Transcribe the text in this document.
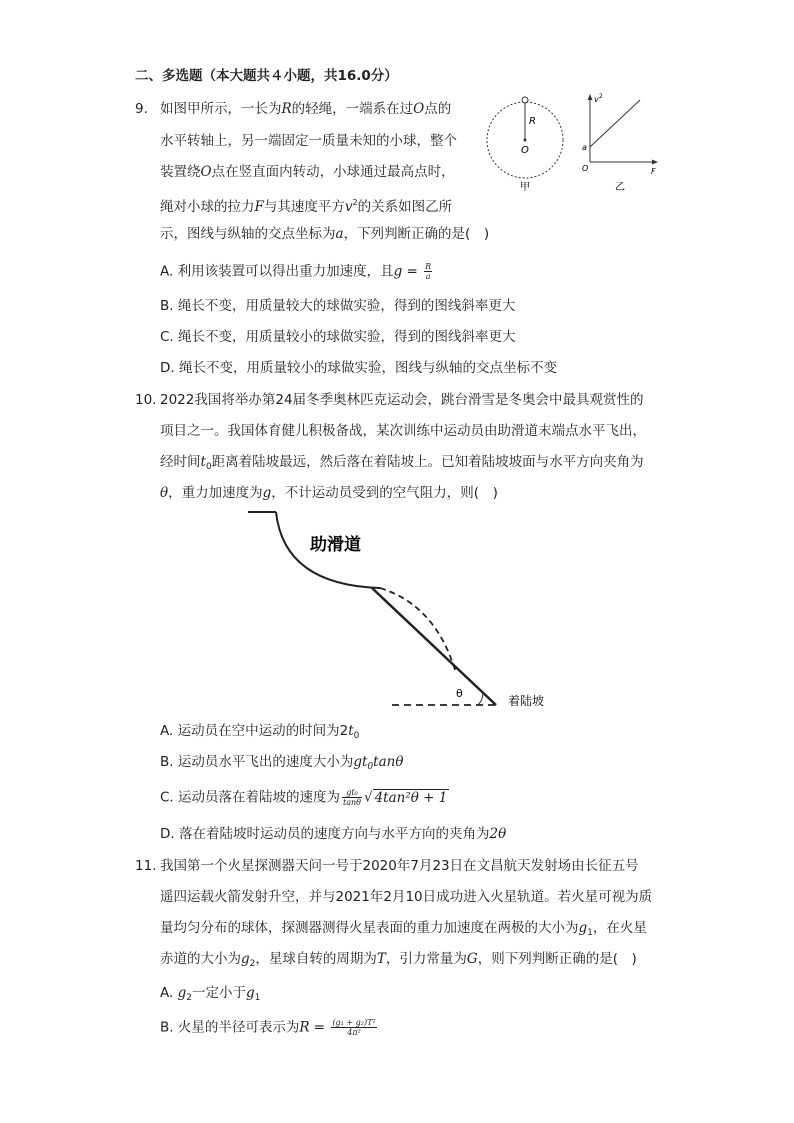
二、多选题（本大题共４小题，共16.0分）
9. 如图甲所示，一长为R的轻绳，一端系在过O点的
水平转轴上，另一端固定一质量未知的小球，整个
装置绕O点在竖直面内转动，小球通过最高点时，
绳对小球的拉力F与其速度平方$v^2$的关系如图乙所
示，图线与纵轴的交点坐标为a，下列判断正确的是(　)
R
O
甲
v 2
a
O	F
乙
A. 利用该装置可以得出重力加速度，且$g = \frac{R}{a}$
B. 绳长不变，用质量较大的球做实验，得到的图线斜率更大
C. 绳长不变，用质量较小的球做实验，得到的图线斜率更大
D. 绳长不变，用质量较小的球做实验，图线与纵轴的交点坐标不变
10. 2022我国将举办第24届冬季奥林匹克运动会，跳台滑雪是冬奥会中最具观赏性的
项目之一。我国体育健儿积极备战，某次训练中运动员由助滑道末端点水平飞出，
经时间$t_0$距离着陆坡最远，然后落在着陆坡上。已知着陆坡坡面与水平方向夹角为
θ，重力加速度为g，不计运动员受到的空气阻力，则(　)
助滑道
θ
着陆坡
A. 运动员在空中运动的时间为$2t_0$
B. 运动员水平飞出的速度大小为$gt_0\tan\theta$
C. 运动员落在着陆坡的速度为 $\frac{\text{gt₀}}{\tan\theta}$ √ 4tan²θ + 1
D. 落在着陆坡时运动员的速度方向与水平方向的夹角为2θ
11. 我国第一个火星探测器天问一号于2020年7月23日在文昌航天发射场由长征五号
遥四运载火箭发射升空，并与2021年2月10日成功进入火星轨道。若火星可视为质
量均匀分布的球体，探测器测得火星表面的重力加速度在两极的大小为$g_1$，在火星
赤道的大小为$g_2$，星球自转的周期为T，引力常量为G，则下列判断正确的是(　)
A. $g_2$一定小于$g_1$
B. 火星的半径可表示为$R = \frac{\text{(g₁ + g₂)T²}}{\text{4π²}}$
